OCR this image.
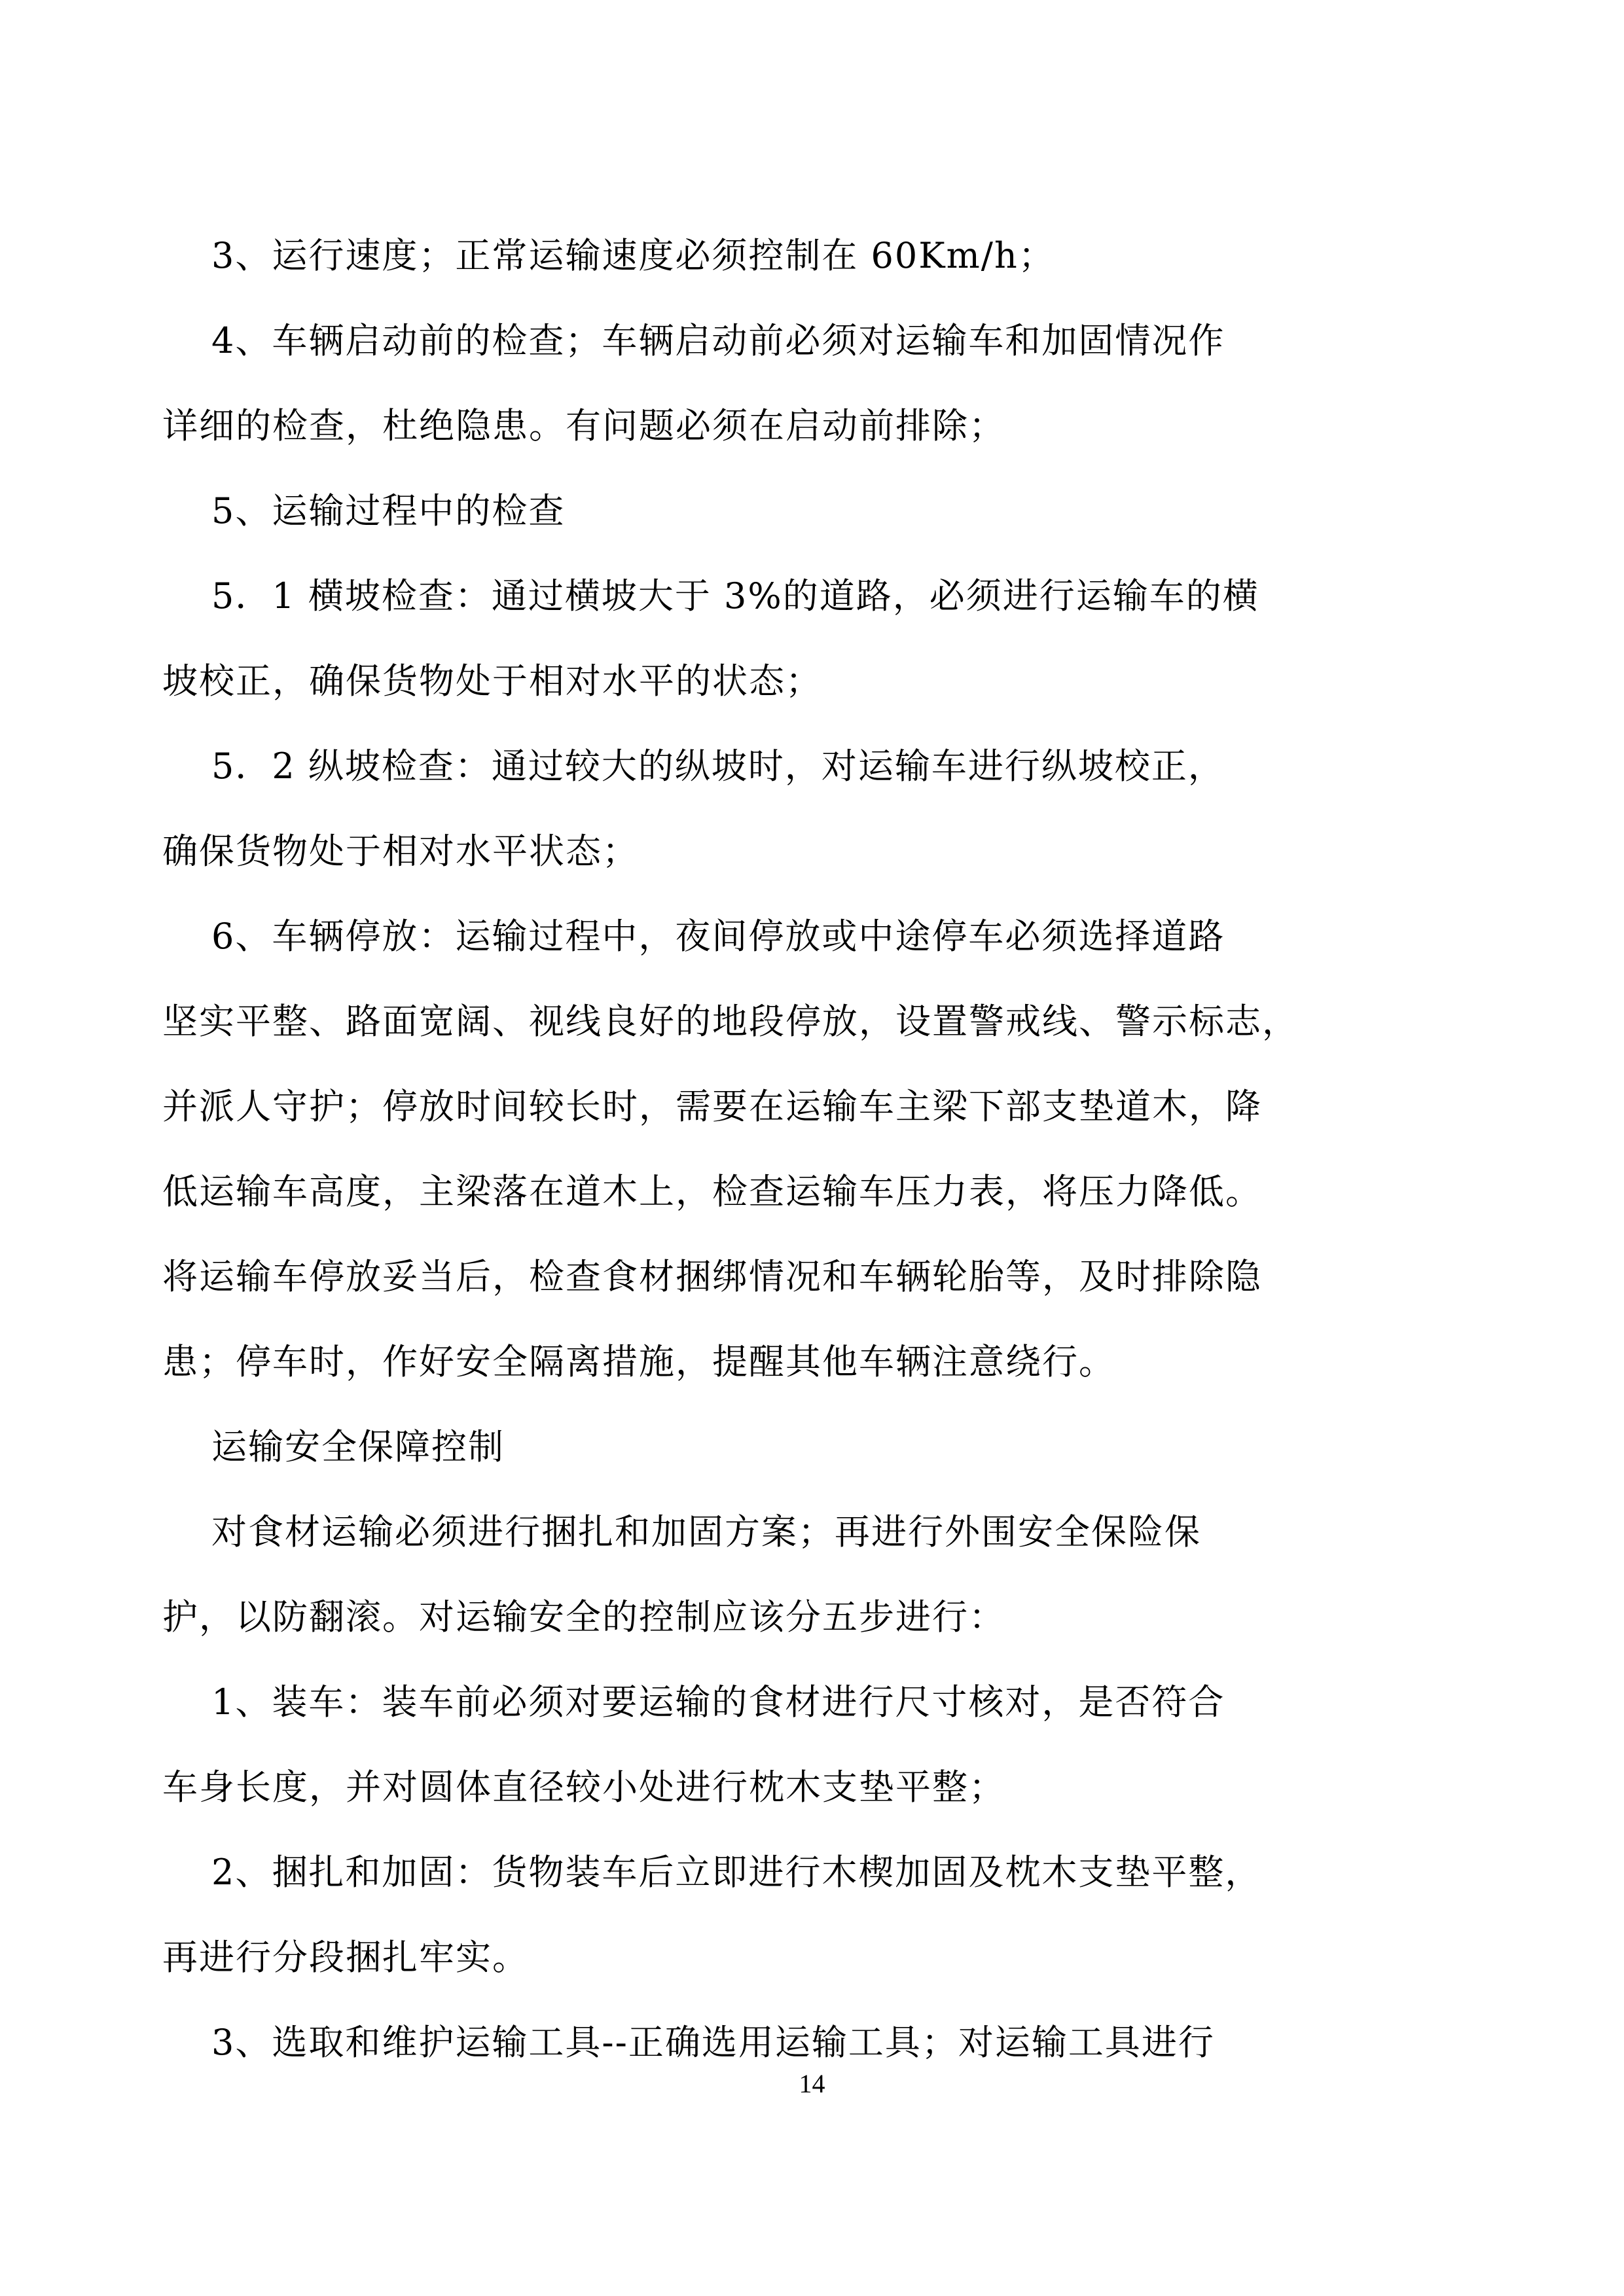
3、运行速度；正常运输速度必须控制在 60Km/h；
4、车辆启动前的检查；车辆启动前必须对运输车和加固情况作
详细的检查，杜绝隐患。有问题必须在启动前排除；
5、运输过程中的检查
5．1 横坡检查：通过横坡大于 3%的道路，必须进行运输车的横
坡校正，确保货物处于相对水平的状态；
5．2 纵坡检查：通过较大的纵坡时，对运输车进行纵坡校正，
确保货物处于相对水平状态；
6、车辆停放：运输过程中，夜间停放或中途停车必须选择道路
坚实平整、路面宽阔、视线良好的地段停放，设置警戒线、警示标志，
并派人守护；停放时间较长时，需要在运输车主梁下部支垫道木，降
低运输车高度，主梁落在道木上，检查运输车压力表，将压力降低。
将运输车停放妥当后，检查食材捆绑情况和车辆轮胎等，及时排除隐
患；停车时，作好安全隔离措施，提醒其他车辆注意绕行。
运输安全保障控制
对食材运输必须进行捆扎和加固方案；再进行外围安全保险保
护，以防翻滚。对运输安全的控制应该分五步进行：
1、装车：装车前必须对要运输的食材进行尺寸核对，是否符合
车身长度，并对圆体直径较小处进行枕木支垫平整；
2、捆扎和加固：货物装车后立即进行木楔加固及枕木支垫平整，
再进行分段捆扎牢实。
3、选取和维护运输工具--正确选用运输工具；对运输工具进行
14
